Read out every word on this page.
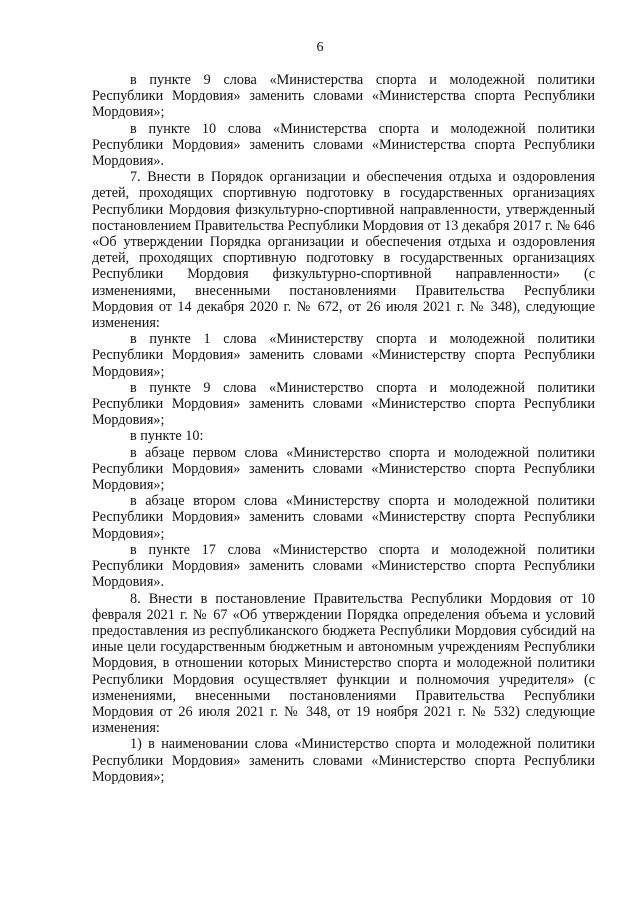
6

в пункте 9 слова «Министерства спорта и молодежной политики Республики Мордовия» заменить словами «Министерства спорта Республики Мордовия»;

в пункте 10 слова «Министерства спорта и молодежной политики Республики Мордовия» заменить словами «Министерства спорта Республики Мордовия».

7. Внести в Порядок организации и обеспечения отдыха и оздоровления детей, проходящих спортивную подготовку в государственных организациях Республики Мордовия физкультурно-спортивной направленности, утвержденный постановлением Правительства Республики Мордовия от 13 декабря 2017 г. № 646 «Об утверждении Порядка организации и обеспечения отдыха и оздоровления детей, проходящих спортивную подготовку в государственных организациях Республики Мордовия физкультурно-спортивной направленности» (с изменениями, внесенными постановлениями Правительства Республики Мордовия от 14 декабря 2020 г. № 672, от 26 июля 2021 г. № 348), следующие изменения:

в пункте 1 слова «Министерству спорта и молодежной политики Республики Мордовия» заменить словами «Министерству спорта Республики Мордовия»;

в пункте 9 слова «Министерство спорта и молодежной политики Республики Мордовия» заменить словами «Министерство спорта Республики Мордовия»;

в пункте 10:

в абзаце первом слова «Министерство спорта и молодежной политики Республики Мордовия» заменить словами «Министерство спорта Республики Мордовия»;

в абзаце втором слова «Министерству спорта и молодежной политики Республики Мордовия» заменить словами «Министерству спорта Республики Мордовия»;

в пункте 17 слова «Министерство спорта и молодежной политики Республики Мордовия» заменить словами «Министерство спорта Республики Мордовия».

8. Внести в постановление Правительства Республики Мордовия от 10 февраля 2021 г. № 67 «Об утверждении Порядка определения объема и условий предоставления из республиканского бюджета Республики Мордовия субсидий на иные цели государственным бюджетным и автономным учреждениям Республики Мордовия, в отношении которых Министерство спорта и молодежной политики Республики Мордовия осуществляет функции и полномочия учредителя» (с изменениями, внесенными постановлениями Правительства Республики Мордовия от 26 июля 2021 г. № 348, от 19 ноября 2021 г. № 532) следующие изменения:

1) в наименовании слова «Министерство спорта и молодежной политики Республики Мордовия» заменить словами «Министерство спорта Республики Мордовия»;
